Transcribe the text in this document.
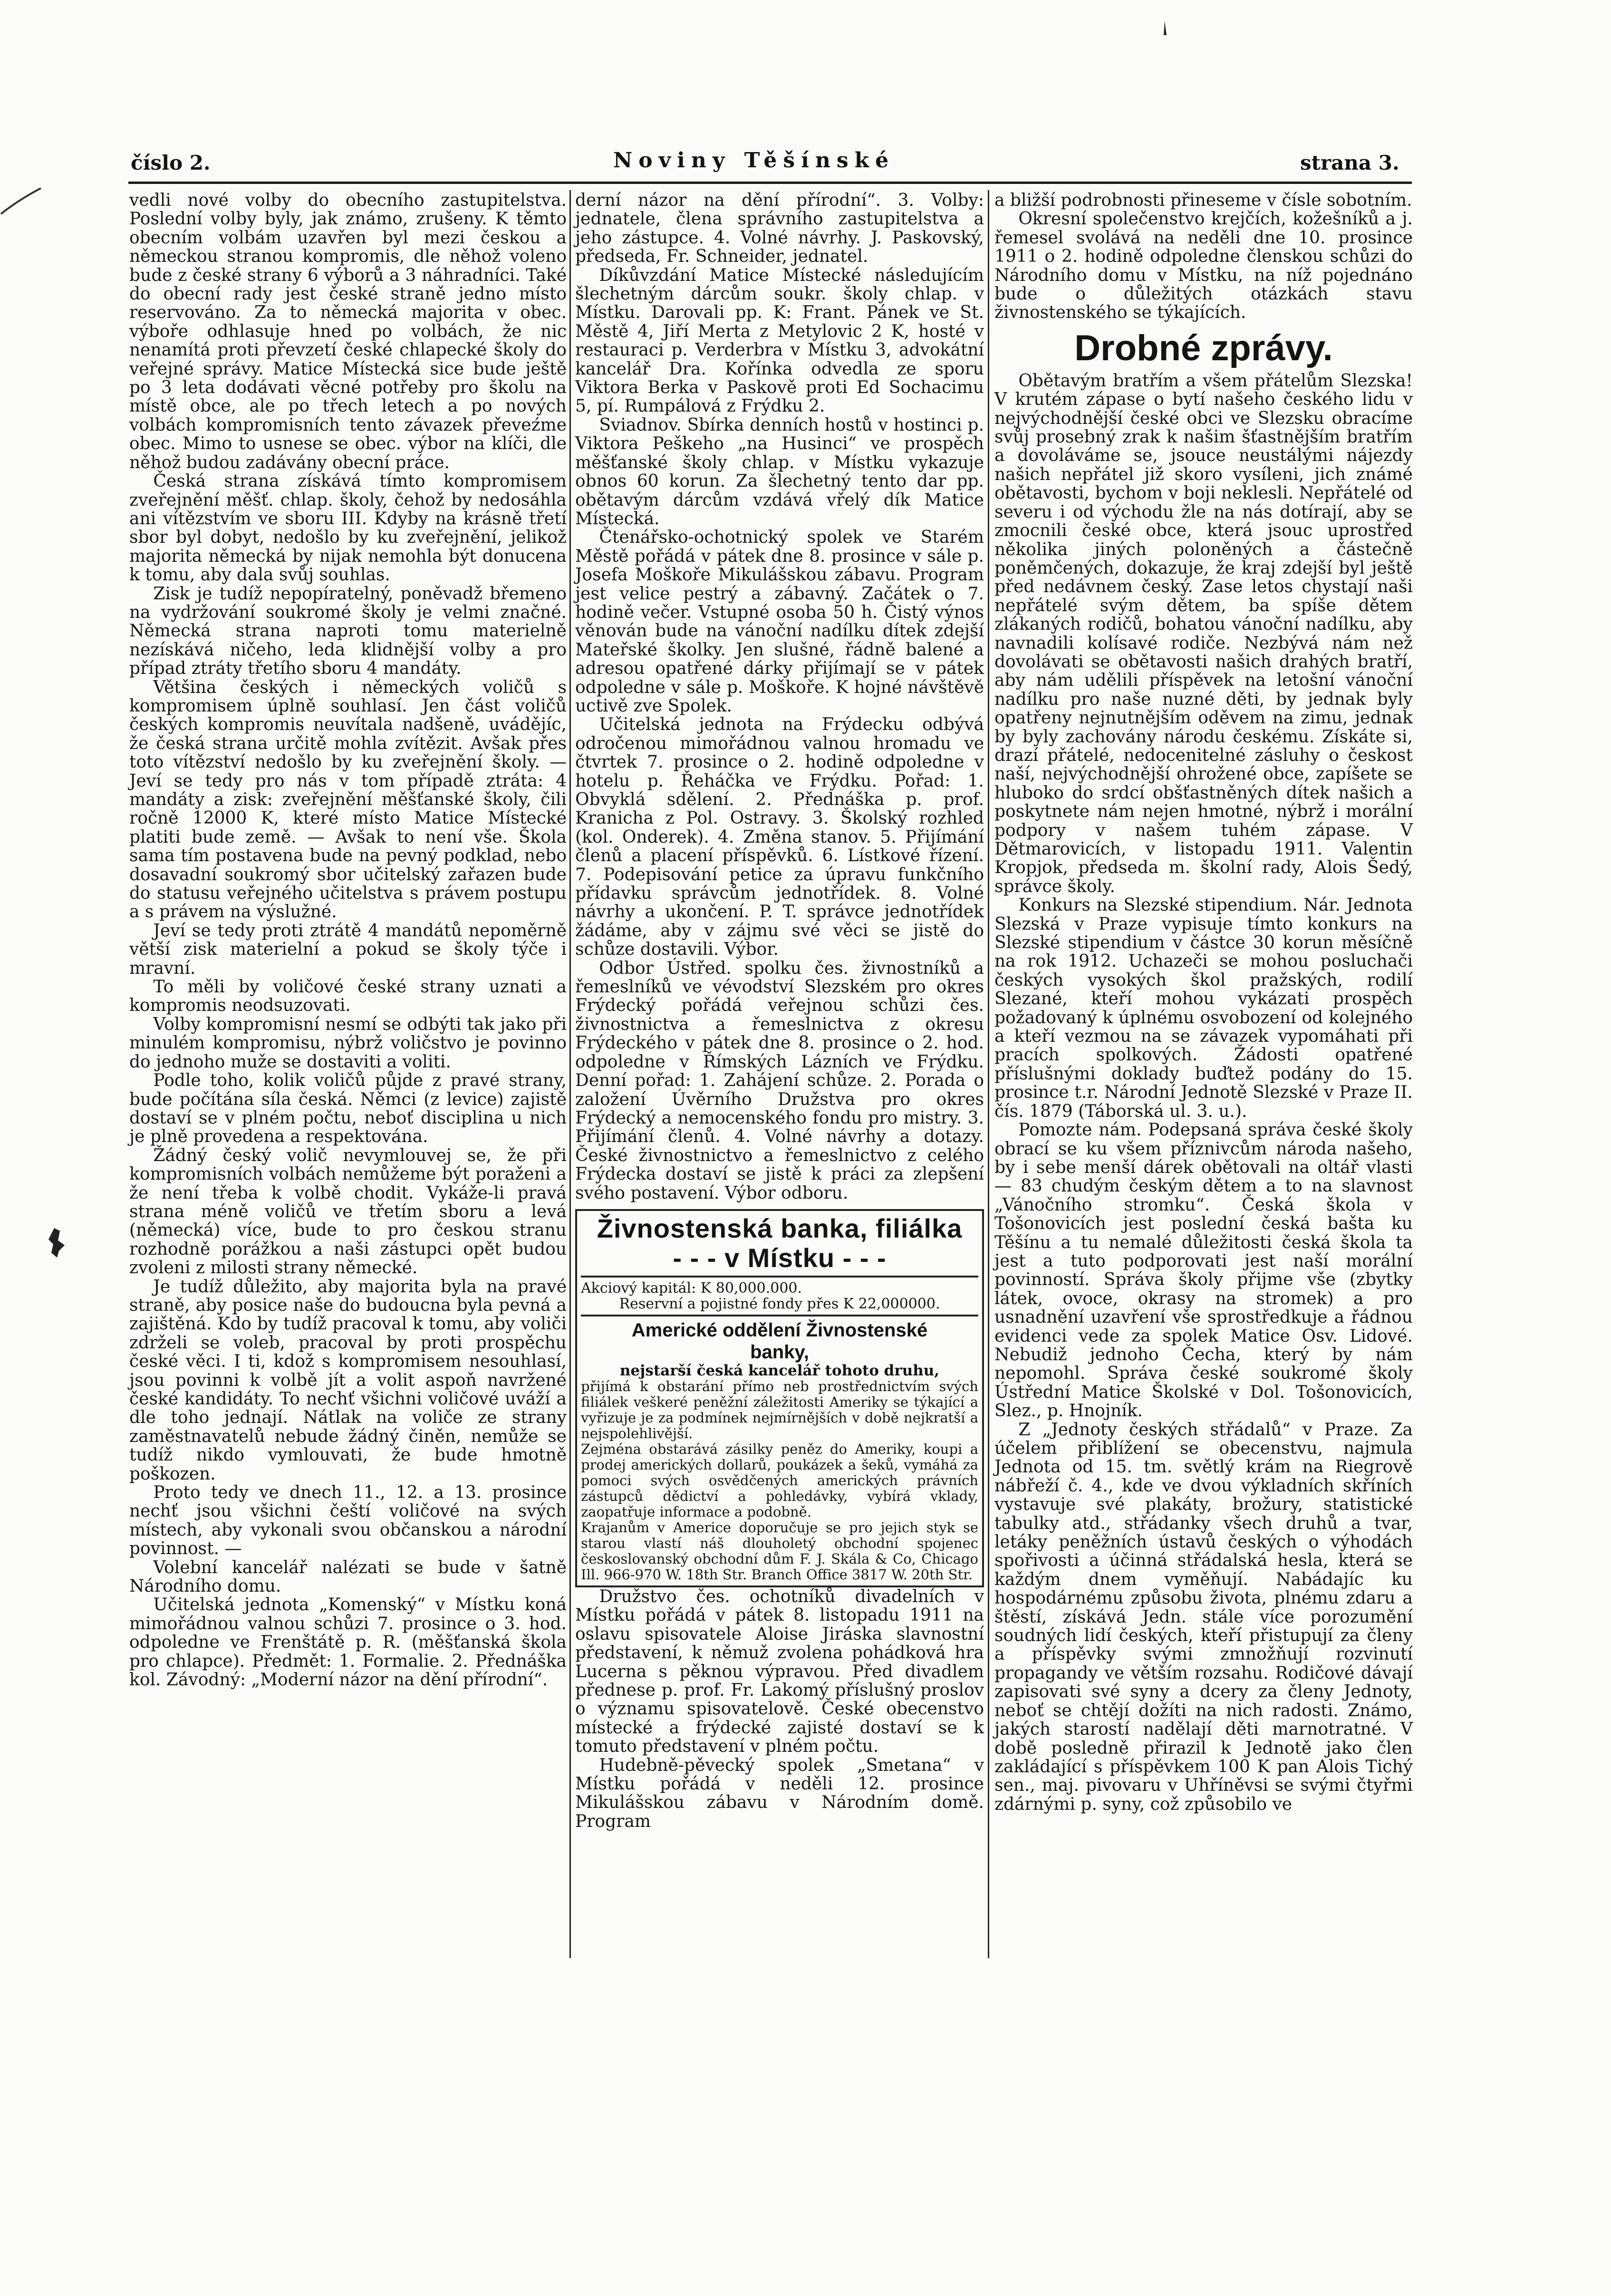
číslo 2.	Noviny Těšínské	strana 3.

vedli nové volby do obecního zastupitelstva. Poslední volby byly, jak známo, zrušeny. K těmto obecním volbám uzavřen byl mezi českou a německou stranou kompromis, dle něhož voleno bude z české strany 6 výborů a 3 náhradníci. Také do obecní rady jest české straně jedno místo reservováno. Za to německá majorita v obec. výboře odhlasuje hned po volbách, že nic nenamítá proti převzetí české chlapecké školy do veřejné správy. Matice Místecká sice bude ještě po 3 leta dodávati věcné potřeby pro školu na místě obce, ale po třech letech a po nových volbách kompromisních tento závazek převeźme obec. Mimo to usnese se obec. výbor na klíči, dle něhož budou zadávány obecní práce.

Česká strana získává tímto kompromisem zveřejnění měšť. chlap. školy, čehož by nedosáhla ani vítězstvím ve sboru III. Kdyby na krásně třetí sbor byl dobyt, nedošlo by ku zveřejnění, jelikož majorita německá by nijak nemohla být donucena k tomu, aby dala svůj souhlas.

Zisk je tudíž nepopíratelný, poněvadž břemeno na vydržování soukromé školy je velmi značné. Německá strana naproti tomu materielně nezískává ničeho, leda klidnější volby a pro případ ztráty třetího sboru 4 mandáty.

Většina českých i německých voličů s kompromisem úplně souhlasí. Jen část voličů českých kompromis neuvítala nadšeně, uvádějíc, že česká strana určitě mohla zvítězit. Avšak přes toto vítězství nedošlo by ku zveřejnění školy. — Jeví se tedy pro nás v tom případě ztráta: 4 mandáty a zisk: zveřejnění měšťanské školy, čili ročně 12000 K, které místo Matice Místecké platiti bude země. — Avšak to není vše. Škola sama tím postavena bude na pevný podklad, nebo dosavadní soukromý sbor učitelský zařazen bude do statusu veřejného učitelstva s právem postupu a s právem na výslužné.

Jeví se tedy proti ztrátě 4 mandátů nepoměrně větší zisk materielní a pokud se školy týče i mravní.

To měli by voličové české strany uznati a kompromis neodsuzovati.

Volby kompromisní nesmí se odbýti tak jako při minulém kompromisu, nýbrž voličstvo je povinno do jednoho muže se dostaviti a voliti.

Podle toho, kolik voličů půjde z pravé strany, bude počítána síla česká. Němci (z levice) zajistě dostaví se v plném počtu, neboť disciplina u nich je plně provedena a respektována.

Žádný český volič nevymlouvej se, že při kompromisních volbách nemůžeme být poraženi a že není třeba k volbě chodit. Vykáže-li pravá strana méně voličů ve třetím sboru a levá (německá) více, bude to pro českou stranu rozhodně porážkou a naši zástupci opět budou zvoleni z milosti strany německé.

Je tudíž důležito, aby majorita byla na pravé straně, aby posice naše do budoucna byla pevná a zajištěná. Kdo by tudíž pracoval k tomu, aby voliči zdrželi se voleb, pracoval by proti prospěchu české věci. I ti, kdož s kompromisem nesouhlasí, jsou povinni k volbě jít a volit aspoň navržené české kandidáty. To nechť všichni voličové uváží a dle toho jednají. Nátlak na voliče ze strany zaměstnavatelů nebude žádný činěn, nemůže se tudíž nikdo vymlouvati, že bude hmotně poškozen.

Proto tedy ve dnech 11., 12. a 13. prosince nechť jsou všichni čeští voličové na svých místech, aby vykonali svou občanskou a národní povinnost. —

Volební kancelář nalézati se bude v šatně Národního domu.

Učitelská jednota „Komenský“ v Místku koná mimořádnou valnou schůzi 7. prosince o 3. hod. odpoledne ve Frenštátě p. R. (měšťanská škola pro chlapce). Předmět: 1. Formalie. 2. Přednáška kol. Závodný: „Moderní názor na dění přírodní“.

derní názor na dění přírodní“. 3. Volby: jednatele, člena správního zastupitelstva a jeho zástupce. 4. Volné návrhy. J. Paskovský, předseda, Fr. Schneider, jednatel.

Díkůvzdání Matice Místecké následujícím šlechetným dárcům soukr. školy chlap. v Místku. Darovali pp. K: Frant. Pánek ve St. Městě 4, Jiří Merta z Metylovic 2 K, hosté v restauraci p. Verderbra v Místku 3, advokátní kancelář Dra. Kořínka odvedla ze sporu Viktora Berka v Paskově proti Ed Sochacimu 5, pí. Rumpálová z Frýdku 2.

Sviadnov. Sbírka denních hostů v hostinci p. Viktora Peškeho „na Husinci“ ve prospěch měšťanské školy chlap. v Místku vykazuje obnos 60 korun. Za šlechetný tento dar pp. obětavým dárcům vzdává vřelý dík Matice Místecká.

Čtenářsko-ochotnický spolek ve Starém Městě pořádá v pátek dne 8. prosince v sále p. Josefa Moškoře Mikulášskou zábavu. Program jest velice pestrý a zábavný. Začátek o 7. hodině večer. Vstupné osoba 50 h. Čistý výnos věnován bude na vánoční nadílku dítek zdejší Mateřské školky. Jen slušné, řádně balené a adresou opatřené dárky přijímají se v pátek odpoledne v sále p. Moškoře. K hojné návštěvě uctivě zve Spolek.

Učitelská jednota na Frýdecku odbývá odročenou mimořádnou valnou hromadu ve čtvrtek 7. prosince o 2. hodině odpoledne v hotelu p. Řeháčka ve Frýdku. Pořad: 1. Obvyklá sdělení. 2. Přednáška p. prof. Kranicha z Pol. Ostravy. 3. Školský rozhled (kol. Onderek). 4. Změna stanov. 5. Přijímání členů a placení příspěvků. 6. Lístkové řízení. 7. Podepisování petice za úpravu funkčního přídavku správcům jednotřídek. 8. Volné návrhy a ukončení. P. T. správce jednotřídek žádáme, aby v zájmu své věci se jistě do schůze dostavili. Výbor.

Odbor Ústřed. spolku čes. živnostníků a řemeslníků ve vévodství Slezském pro okres Frýdecký pořádá veřejnou schůzi čes. živnostnictva a řemeslnictva z okresu Frýdeckého v pátek dne 8. prosince o 2. hod. odpoledne v Římských Lázních ve Frýdku. Denní pořad: 1. Zahájení schůze. 2. Porada o založení Úvěrního Družstva pro okres Frýdecký a nemocenského fondu pro mistry. 3. Přijímání členů. 4. Volné návrhy a dotazy. České živnostnictvo a řemeslnictvo z celého Frýdecka dostaví se jistě k práci za zlepšení svého postavení. Výbor odboru.

Živnostenská banka, filiálka
- - - v Místku - - -

Akciový kapitál: K 80,000.000.

Reservní a pojistné fondy přes K 22,000000.

Americké oddělení Živnostenské
banky,
nejstarší česká kancelář tohoto druhu,

přijímá k obstarání přímo neb prostřednictvím svých filiálek veškeré peněžní záležitosti Ameriky se týkající a vyřizuje je za podmínek nejmírnějších v době nejkratší a nejspolehlivější.

Zejména obstarává zásilky peněz do Ameriky, koupi a prodej amerických dollarů, poukázek a šeků, vymáhá za pomoci svých osvědčených amerických právních zástupců dědictví a pohledávky, vybírá vklady, zaopatřuje informace a podobně.

Krajanům v Americe doporučuje se pro jejich styk se starou vlastí náš dlouholetý obchodní spojenec českoslovanský obchodní dům F. J. Skála & Co, Chicago Ill. 966-970 W. 18th Str. Branch Office 3817 W. 20th Str.

Družstvo čes. ochotníků divadelních v Místku pořádá v pátek 8. listopadu 1911 na oslavu spisovatele Aloise Jiráska slavnostní představení, k němuž zvolena pohádková hra Lucerna s pěknou výpravou. Před divadlem přednese p. prof. Fr. Lakomý příslušný proslov o významu spisovatelově. České obecenstvo místecké a frýdecké zajisté dostaví se k tomuto představení v plném počtu.

Hudebně-pěvecký spolek „Smetana“ v Místku pořádá v neděli 12. prosince Mikulášskou zábavu v Národním domě. Program

a bližší podrobnosti přineseme v čísle sobotním.

Okresní společenstvo krejčích, kožešníků a j. řemesel svolává na neděli dne 10. prosince 1911 o 2. hodině odpoledne členskou schůzi do Národního domu v Místku, na níž pojednáno bude o důležitých otázkách stavu živnostenského se týkajících.

Drobné zprávy.

Obětavým bratřím a všem přátelům Slezska! V krutém zápase o bytí našeho českého lidu v nejvýchodnější české obci ve Slezsku obracíme svůj prosebný zrak k našim šťastnějším bratřím a dovoláváme se, jsouce neustálými nájezdy našich nepřátel již skoro vysíleni, jich známé obětavosti, bychom v boji neklesli. Nepřátelé od severu i od východu žle na nás dotírají, aby se zmocnili české obce, která jsouc uprostřed několika jiných poloněných a částečně poněmčených, dokazuje, že kraj zdejší byl ještě před nedávnem český. Zase letos chystají naši nepřátelé svým dětem, ba spíše dětem zlákaných rodičů, bohatou vánoční nadílku, aby navnadili kolísavé rodiče. Nezbývá nám než dovolávati se obětavosti našich drahých bratří, aby nám udělili příspěvek na letošní vánoční nadílku pro naše nuzné děti, by jednak byly opatřeny nejnutnějším oděvem na zimu, jednak by byly zachovány národu českému. Získáte si, drazí přátelé, nedocenitelné zásluhy o českost naší, nejvýchodnější ohrožené obce, zapíšete se hluboko do srdcí obšťastněných dítek našich a poskytnete nám nejen hmotné, nýbrž i morální podpory v našem tuhém zápase. V Dětmarovicích, v listopadu 1911. Valentin Kropjok, předseda m. školní rady, Alois Šedý, správce školy.

Konkurs na Slezské stipendium. Nár. Jednota Slezská v Praze vypisuje tímto konkurs na Slezské stipendium v částce 30 korun měsíčně na rok 1912. Uchazeči se mohou posluchači českých vysokých škol pražských, rodilí Slezané, kteří mohou vykázati prospěch požadovaný k úplnému osvobození od kolejného a kteří vezmou na se závazek vypomáhati při pracích spolkových. Žádosti opatřené příslušnými doklady buďtež podány do 15. prosince t.r. Národní Jednotě Slezské v Praze II. čís. 1879 (Táborská ul. 3. u.).

Pomozte nám. Podepsaná správa české školy obrací se ku všem příznivcům národa našeho, by i sebe menší dárek obětovali na oltář vlasti — 83 chudým českým dětem a to na slavnost „Vánočního stromku“. Česká škola v Tošonovicích jest poslední česká bašta ku Těšínu a tu nemalé důležitosti česká škola ta jest a tuto podporovati jest naší morální povinností. Správa školy přijme vše (zbytky látek, ovoce, okrasy na stromek) a pro usnadnění uzavření vše sprostředkuje a řádnou evidenci vede za spolek Matice Osv. Lidové. Nebudiž jednoho Čecha, který by nám nepomohl. Správa české soukromé školy Ústřední Matice Školské v Dol. Tošonovicích, Slez., p. Hnojník.

Z „Jednoty českých střádalů“ v Praze. Za účelem přiblížení se obecenstvu, najmula Jednota od 15. tm. světlý krám na Riegrově nábřeží č. 4., kde ve dvou výkladních skříních vystavuje své plakáty, brožury, statistické tabulky atd., střádanky všech druhů a tvar, letáky peněžních ústavů českých o výhodách spořivosti a účinná střádalská hesla, která se každým dnem vyměňují. Nabádajíc ku hospodárnému způsobu života, plnému zdaru a štěstí, získává Jedn. stále více porozumění soudných lidí českých, kteří přistupují za členy a příspěvky svými zmnožňují rozvinutí propagandy ve větším rozsahu. Rodičové dávají zapisovati své syny a dcery za členy Jednoty, neboť se chtějí dožíti na nich radosti. Známo, jakých starostí nadělají děti marnotratné. V době posledně přirazil k Jednotě jako člen zakládající s příspěvkem 100 K pan Alois Tichý sen., maj. pivovaru v Uhříněvsi se svými čtyřmi zdárnými p. syny, což způsobilo ve
